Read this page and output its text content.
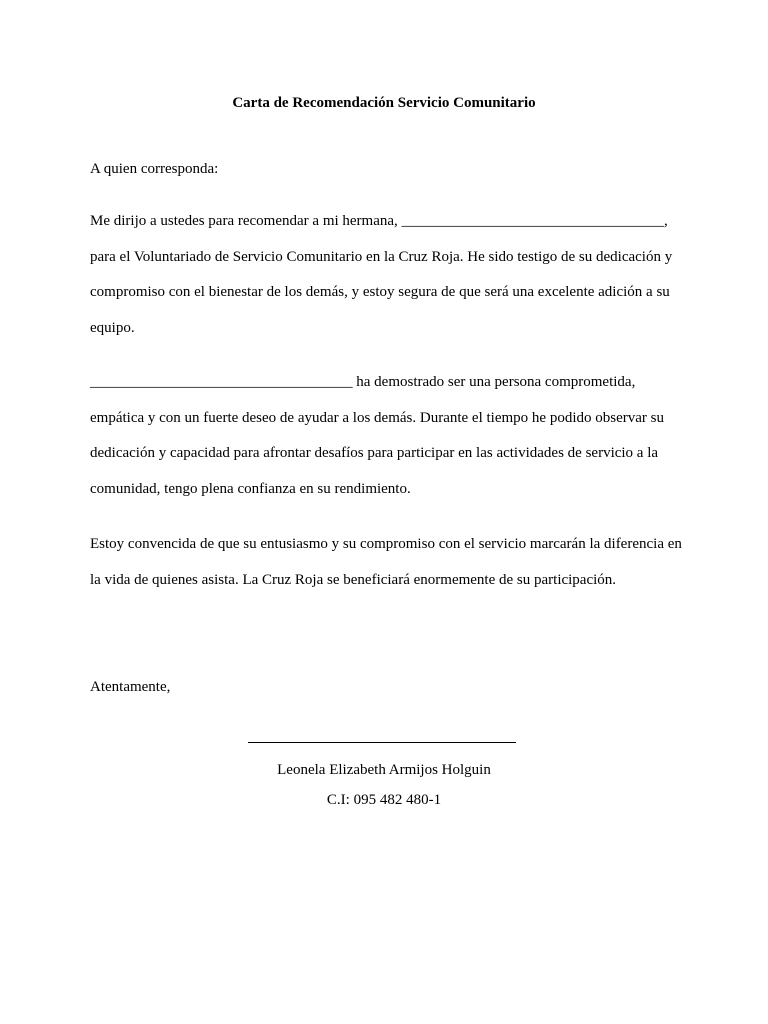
Carta de Recomendación Servicio Comunitario
A quien corresponda:
Me dirijo a ustedes para recomendar a mi hermana, ___________________________________, para el Voluntariado de Servicio Comunitario en la Cruz Roja. He sido testigo de su dedicación y compromiso con el bienestar de los demás, y estoy segura de que será una excelente adición a su equipo.
___________________________________ ha demostrado ser una persona comprometida, empática y con un fuerte deseo de ayudar a los demás. Durante el tiempo he podido observar su dedicación y capacidad para afrontar desafíos para participar en las actividades de servicio a la comunidad, tengo plena confianza en su rendimiento.
Estoy convencida de que su entusiasmo y su compromiso con el servicio marcarán la diferencia en la vida de quienes asista. La Cruz Roja se beneficiará enormemente de su participación.
Atentamente,
Leonela Elizabeth Armijos Holguin
C.I: 095 482 480-1
